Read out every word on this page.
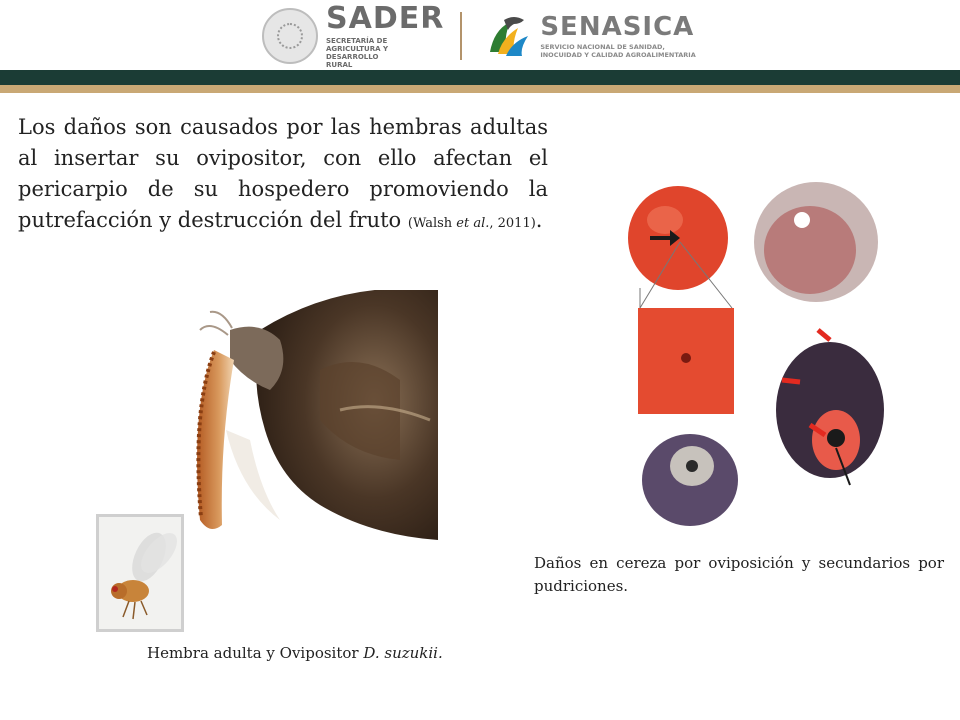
SADER
SECRETARÍA DE AGRICULTURA Y DESARROLLO RURAL
SENASICA
SERVICIO NACIONAL DE SANIDAD, INOCUIDAD Y CALIDAD AGROALIMENTARIA
Los daños son causados por las hembras adultas al insertar su ovipositor, con ello afectan el pericarpio de su hospedero promoviendo la putrefacción y destrucción del fruto (Walsh et al., 2011).
Hembra adulta y Ovipositor D. suzukii.
Daños en cereza por oviposición y secundarios por pudriciones.
